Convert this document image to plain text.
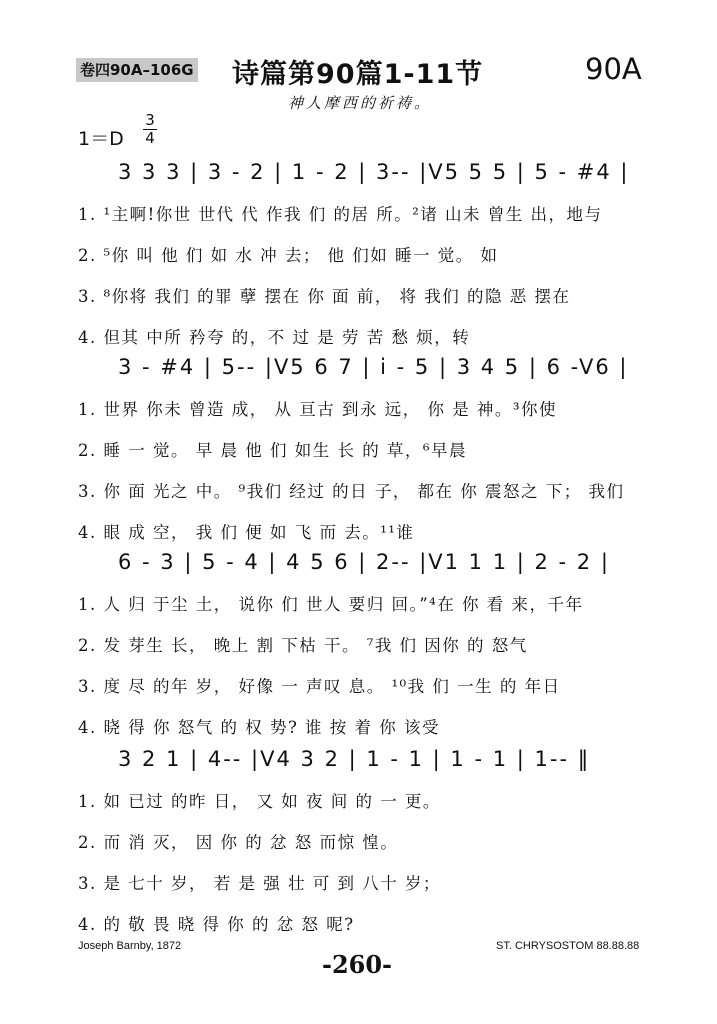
卷四90A–106G 诗篇第90篇1-11节	90A
神人摩西的祈祷。
1＝D
3
4
3 3 3 | 3 - 2 | 1 - 2 | 3-- |V5 5 5 | 5 - #4 |
1. ¹主啊!你世 世代 代 作我 们 的居 所。²诸 山未 曾生 出，地与
2. ⁵你 叫 他 们 如 水 冲 去； 他 们如 睡一 觉。 如
3. ⁸你将 我们 的罪 孽 摆在 你 面 前， 将 我们 的隐 恶 摆在
4. 但其 中所 矜夸 的，不 过 是 劳 苦 愁 烦，转
3 - #4 | 5-- |V5 6 7 | i - 5 | 3 4 5 | 6 -V6 |
1. 世界 你未 曾造 成， 从 亘古 到永 远， 你 是 神。³你使
2. 睡 一 觉。 早 晨 他 们 如生 长 的 草，⁶早晨
3. 你 面 光之 中。 ⁹我们 经过 的日 子， 都在 你 震怒之 下； 我们
4. 眼 成 空， 我 们 便 如 飞 而 去。¹¹谁
6 - 3 | 5 - 4 | 4 5 6 | 2-- |V1 1 1 | 2 - 2 |
1. 人 归 于尘 土， 说你 们 世人 要归 回。”⁴在 你 看 来，千年
2. 发 芽生 长， 晚上 割 下枯 干。 ⁷我 们 因你 的 怒气
3. 度 尽 的年 岁， 好像 一 声叹 息。 ¹⁰我 们 一生 的 年日
4. 晓 得 你 怒气 的 权 势? 谁 按 着 你 该受
3 2 1 | 4-- |V4 3 2 | 1 - 1 | 1 - 1 | 1-- ‖
1. 如 已过 的昨 日， 又 如 夜 间 的 一 更。
2. 而 消 灭， 因 你 的 忿 怒 而惊 惶。
3. 是 七十 岁， 若 是 强 壮 可 到 八十 岁；
4. 的 敬 畏 晓 得 你 的 忿 怒 呢?
Joseph Barnby, 1872	ST. CHRYSOSTOM 88.88.88
-260-
